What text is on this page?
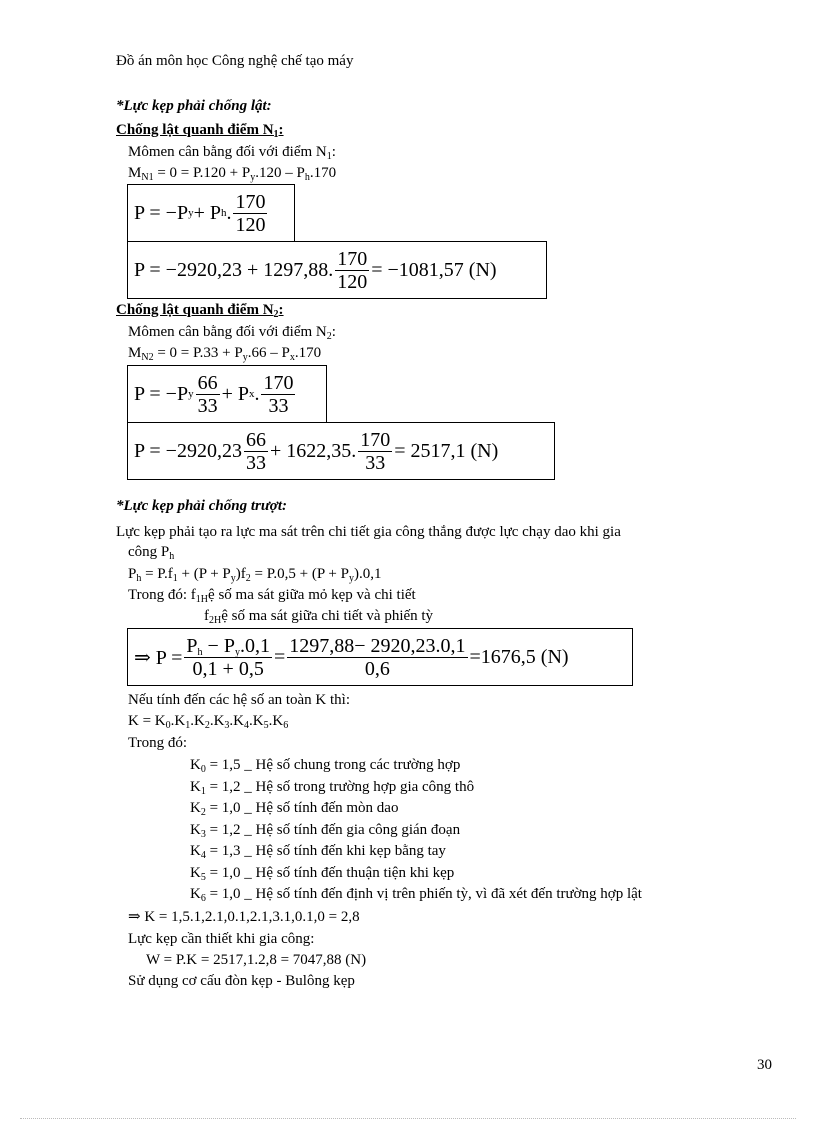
Đồ án môn học Công nghệ chế tạo máy
*Lực kẹp phải chống lật:
Chống lật quanh điểm $N_1$:
Mômen cân bằng đối với điểm $N_1$:
$M_{N1} = 0 = P.120 + P_y.120 - P_h.170$
P = −P y + P h . $\frac{170}{120}$
P = −2920,23 + 1297,88. $\frac{170}{120} = -1081,57$ (N)
Chống lật quanh điểm $N_2$:
Mômen cân bằng đối với điểm $N_2$:
$M_{N2} = 0 = P.33 + P_y.66 - P_x.170$
P = −P y $\frac{66}{33} + P$ x . $\frac{170}{33}$
$P = -2920,23 \frac{66}{33} + 1622,35$. $\frac{170}{33} = 2517,1$ (N)
*Lực kẹp phải chống trượt:
Lực kẹp phải tạo ra lực ma sát trên chi tiết gia công thắng được lực chạy dao khi gia
công $P_h$
$P_h = P.f_1 + (P + P_y)f_2 = P.0,5 + (P + P_y).0,1$
Trong đó: $f_{1H}ệ$ số ma sát giữa mỏ kẹp và chi tiết
$f_{2H}ệ$ số ma sát giữa chi tiết và phiến tỳ
⇒ $P = \frac{P_h - P_y.0,1}{0,1 + 0,5} = \frac{1297,88- 2920,23.0,1}{0,6} =1676,5$ (N)
Nếu tính đến các hệ số an toàn K thì:
$K = K_0.K_1.K_2.K_3.K_4.K_5.K_6$
Trong đó:
$K_0 = 1,5$ _ Hệ số chung trong các trường hợp
$K_1 = 1,2$ _ Hệ số trong trường hợp gia công thô
$K_2 = 1,0$ _ Hệ số tính đến mòn dao
$K_3 = 1,2$ _ Hệ số tính đến gia công gián đoạn
$K_4 = 1,3$ _ Hệ số tính đến khi kẹp bằng tay
$K_5 = 1,0$ _ Hệ số tính đến thuận tiện khi kẹp
$K_6 = 1,0$ _ Hệ số tính đến định vị trên phiến tỳ, vì đã xét đến trường hợp lật
⇒ K = 1,5.1,2.1,0.1,2.1,3.1,0.1,0 = 2,8
Lực kẹp cần thiết khi gia công:
W = P.K = 2517,1.2,8 = 7047,88 (N)
Sử dụng cơ cấu đòn kẹp - Bulông kẹp
30
